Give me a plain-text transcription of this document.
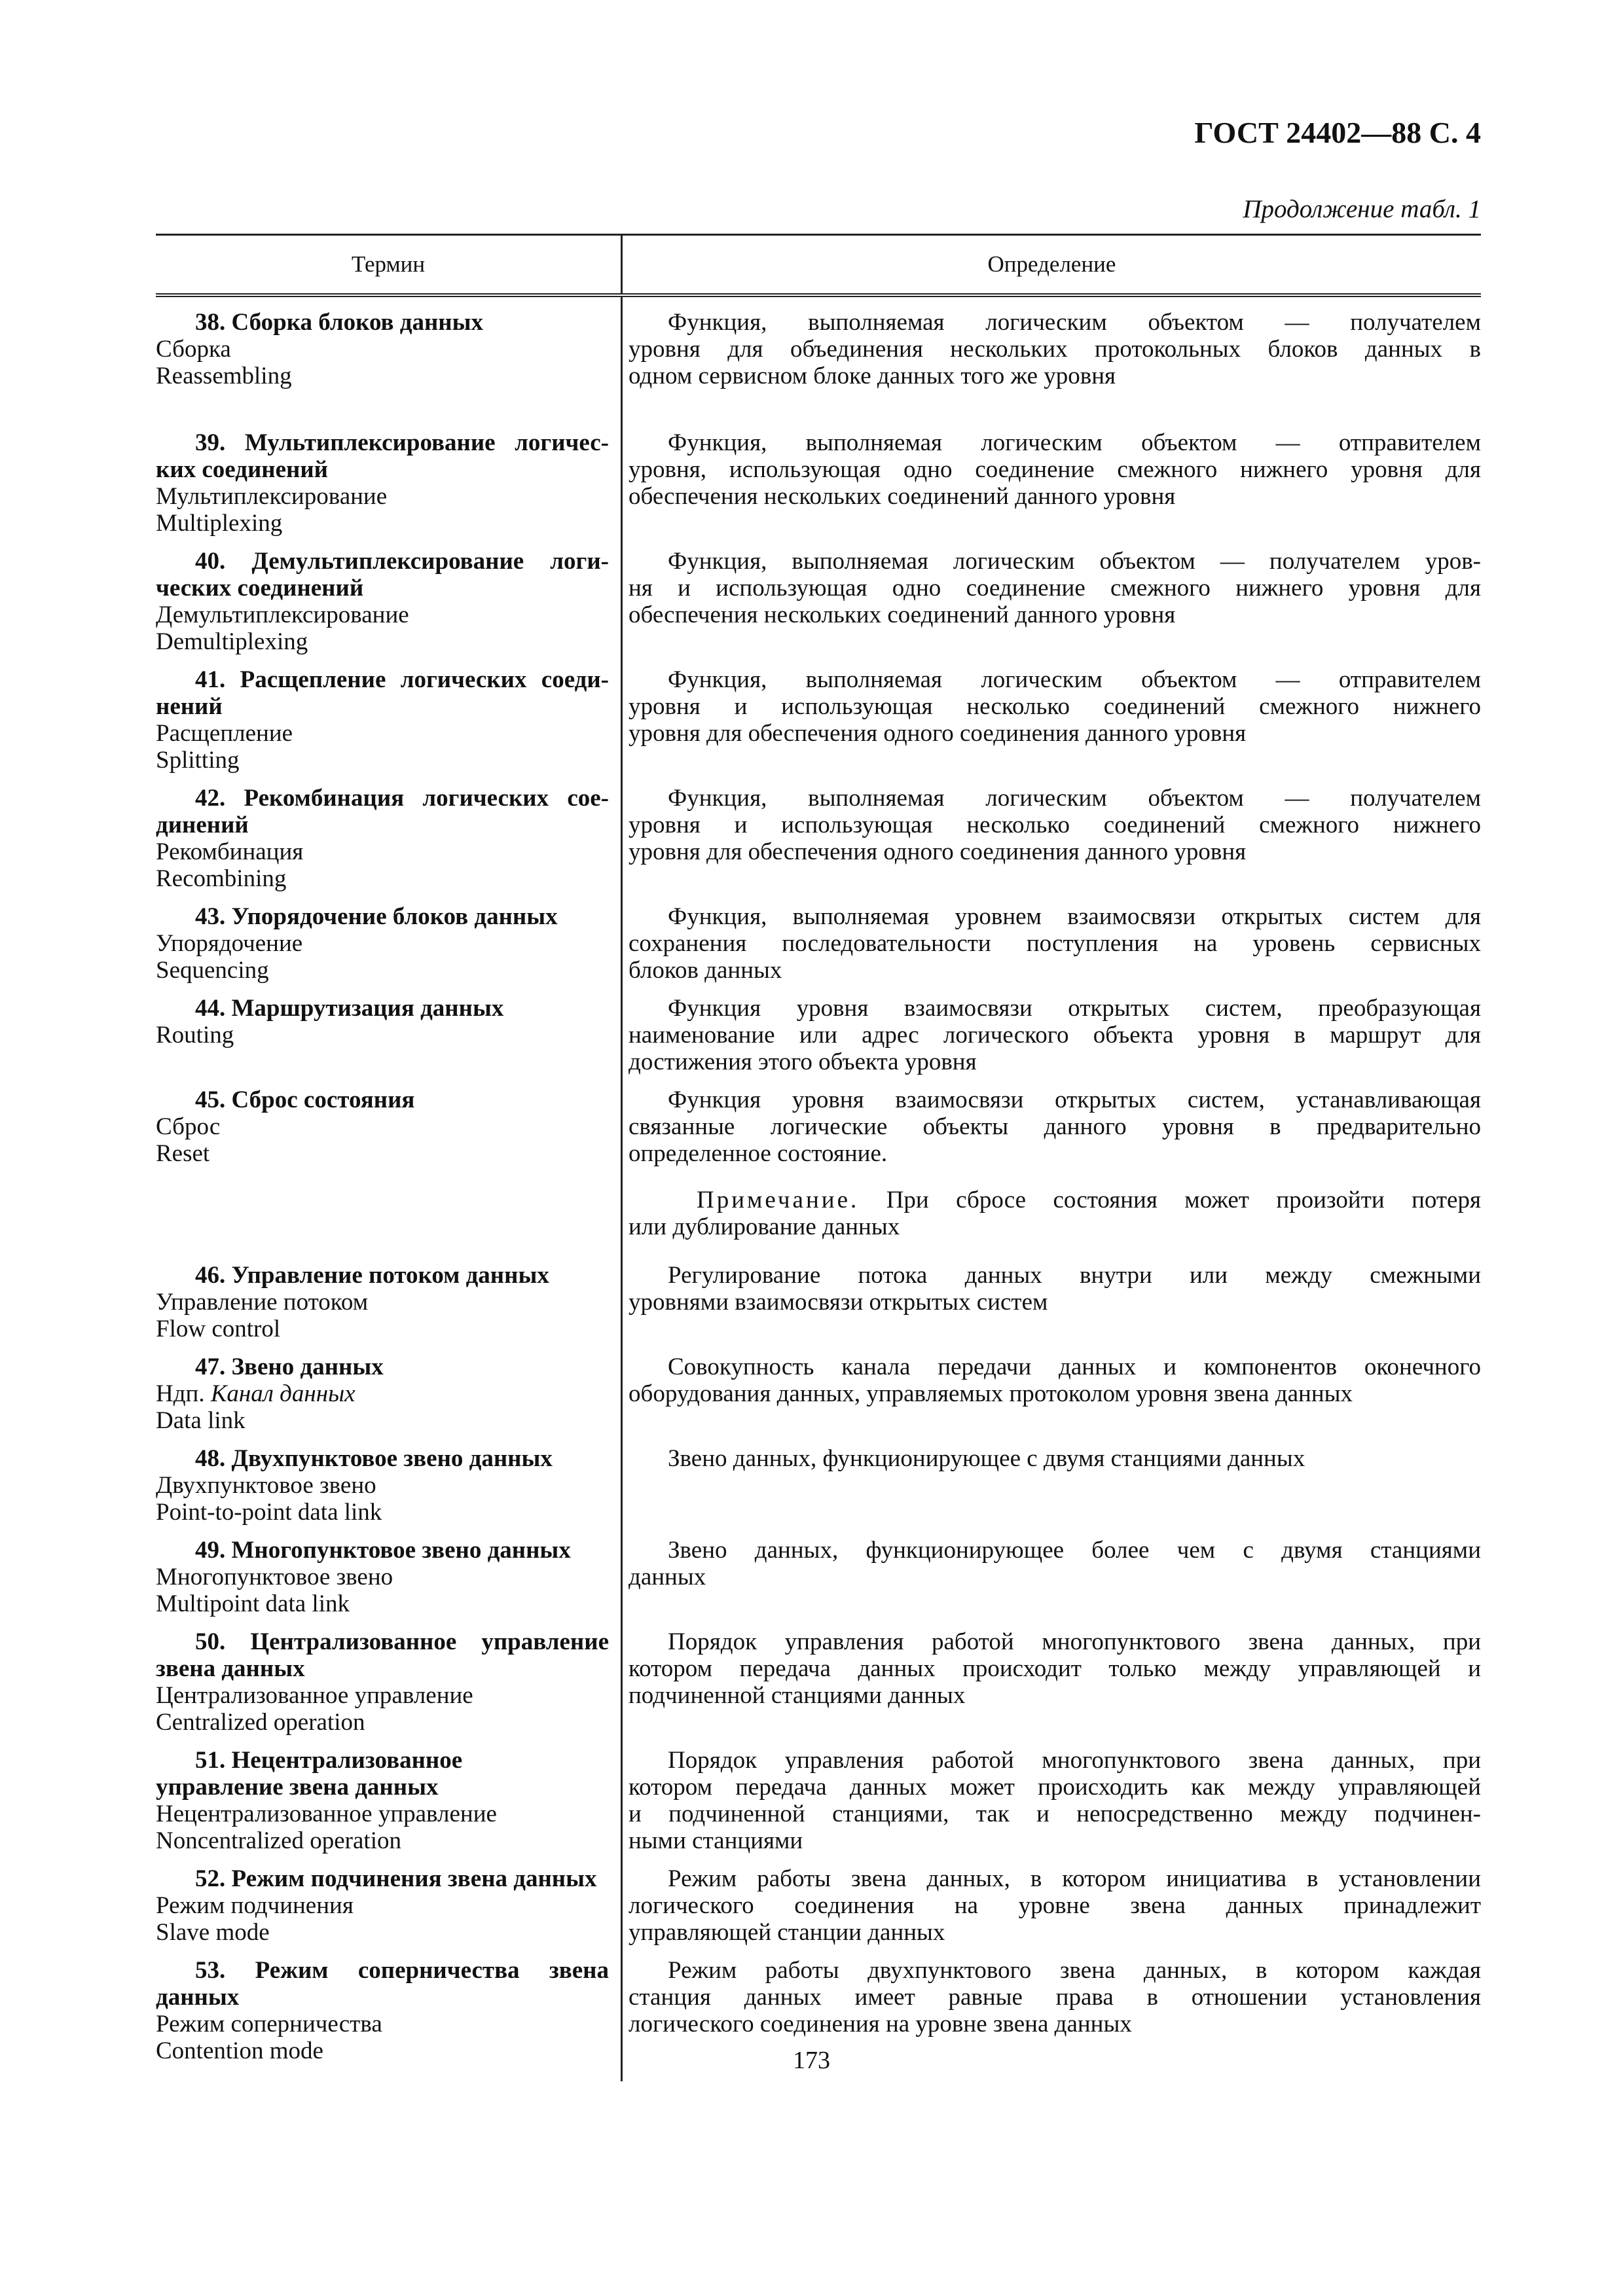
ГОСТ 24402—88 С. 4
Продолжение табл. 1
Термин	Определение
38. Сборка блоков данных
Сборка
Reassembling
Функция, выполняемая логическим объектом — получателем
уровня для объединения нескольких протокольных блоков данных в
одном сервисном блоке данных того же уровня
39. Мультиплексирование логичес-
ких соединений
Мультиплексирование
Multiplexing
Функция, выполняемая логическим объектом — отправителем
уровня, использующая одно соединение смежного нижнего уровня для
обеспечения нескольких соединений данного уровня
40. Демультиплексирование логи-
ческих соединений
Демультиплексирование
Demultiplexing
Функция, выполняемая логическим объектом — получателем уров-
ня и использующая одно соединение смежного нижнего уровня для
обеспечения нескольких соединений данного уровня
41. Расщепление логических соеди-
нений
Расщепление
Splitting
Функция, выполняемая логическим объектом — отправителем
уровня и использующая несколько соединений смежного нижнего
уровня для обеспечения одного соединения данного уровня
42. Рекомбинация логических сое-
динений
Рекомбинация
Recombining
Функция, выполняемая логическим объектом — получателем
уровня и использующая несколько соединений смежного нижнего
уровня для обеспечения одного соединения данного уровня
43. Упорядочение блоков данных
Упорядочение
Sequencing
Функция, выполняемая уровнем взаимосвязи открытых систем для
сохранения последовательности поступления на уровень сервисных
блоков данных
44. Маршрутизация данных
Routing
Функция уровня взаимосвязи открытых систем, преобразующая
наименование или адрес логического объекта уровня в маршрут для
достижения этого объекта уровня
45. Сброс состояния
Сброс
Reset
Функция уровня взаимосвязи открытых систем, устанавливающая
связанные логические объекты данного уровня в предварительно
определенное состояние.
Примечание. При сбросе состояния может произойти потеря
или дублирование данных
46. Управление потоком данных
Управление потоком
Flow control
Регулирование потока данных внутри или между смежными
уровнями взаимосвязи открытых систем
47. Звено данных
Ндп. Канал данных
Data link
Совокупность канала передачи данных и компонентов оконечного
оборудования данных, управляемых протоколом уровня звена данных
48. Двухпунктовое звено данных
Двухпунктовое звено
Point-to-point data link
Звено данных, функционирующее с двумя станциями данных
49. Многопунктовое звено данных
Многопунктовое звено
Multipoint data link
Звено данных, функционирующее более чем с двумя станциями
данных
50. Централизованное управление
звена данных
Централизованное управление
Centralized operation
Порядок управления работой многопунктового звена данных, при
котором передача данных происходит только между управляющей и
подчиненной станциями данных
51. Нецентрализованное
управление звена данных
Нецентрализованное управление
Noncentralized operation
Порядок управления работой многопунктового звена данных, при
котором передача данных может происходить как между управляющей
и подчиненной станциями, так и непосредственно между подчинен-
ными станциями
52. Режим подчинения звена данных
Режим подчинения
Slave mode
Режим работы звена данных, в котором инициатива в установлении
логического соединения на уровне звена данных принадлежит
управляющей станции данных
53. Режим соперничества звена
данных
Режим соперничества
Contention mode
Режим работы двухпунктового звена данных, в котором каждая
станция данных имеет равные права в отношении установления
логического соединения на уровне звена данных
173
